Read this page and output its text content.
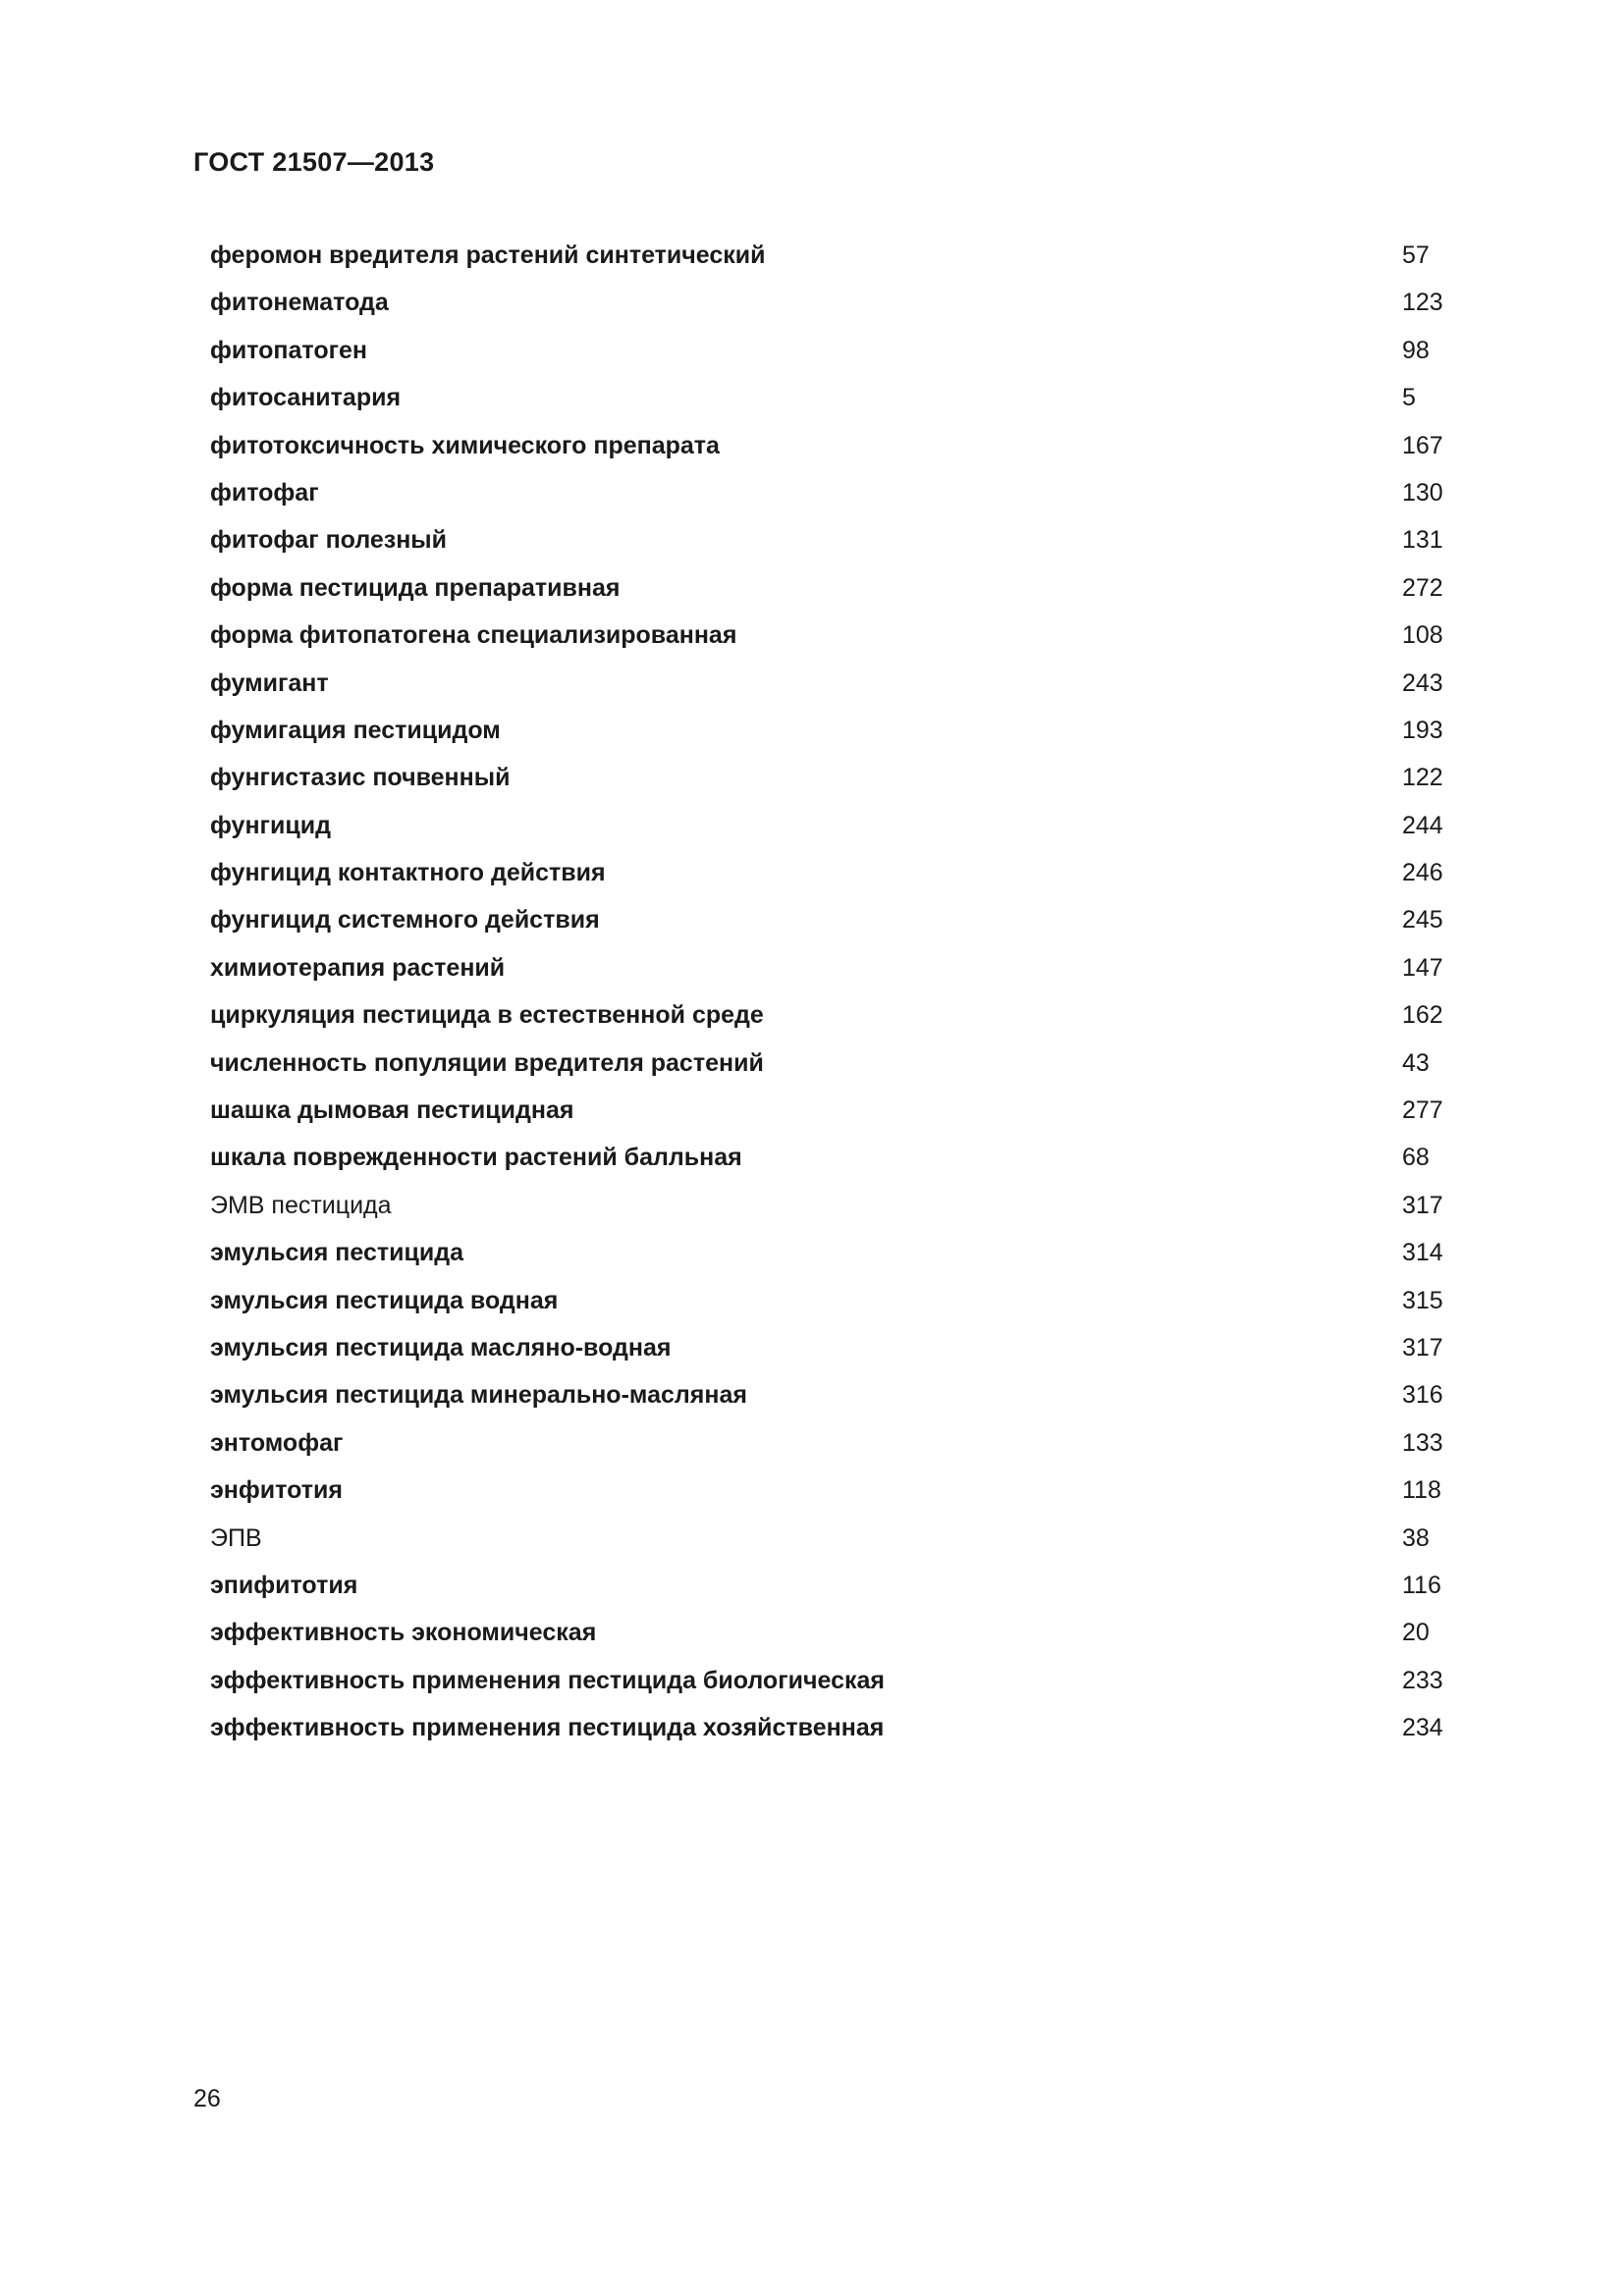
ГОСТ 21507—2013
феромон вредителя растений синтетический	57
фитонематода	123
фитопатоген	98
фитосанитария	5
фитотоксичность химического препарата	167
фитофаг	130
фитофаг полезный	131
форма пестицида препаративная	272
форма фитопатогена специализированная	108
фумигант	243
фумигация пестицидом	193
фунгистазис почвенный	122
фунгицид	244
фунгицид контактного действия	246
фунгицид системного действия	245
химиотерапия растений	147
циркуляция пестицида в естественной среде	162
численность популяции вредителя растений	43
шашка дымовая пестицидная	277
шкала поврежденности растений балльная	68
ЭМВ пестицида	317
эмульсия пестицида	314
эмульсия пестицида водная	315
эмульсия пестицида масляно-водная	317
эмульсия пестицида минерально-масляная	316
энтомофаг	133
энфитотия	118
ЭПВ	38
эпифитотия	116
эффективность экономическая	20
эффективность применения пестицида биологическая	233
эффективность применения пестицида хозяйственная	234
26
